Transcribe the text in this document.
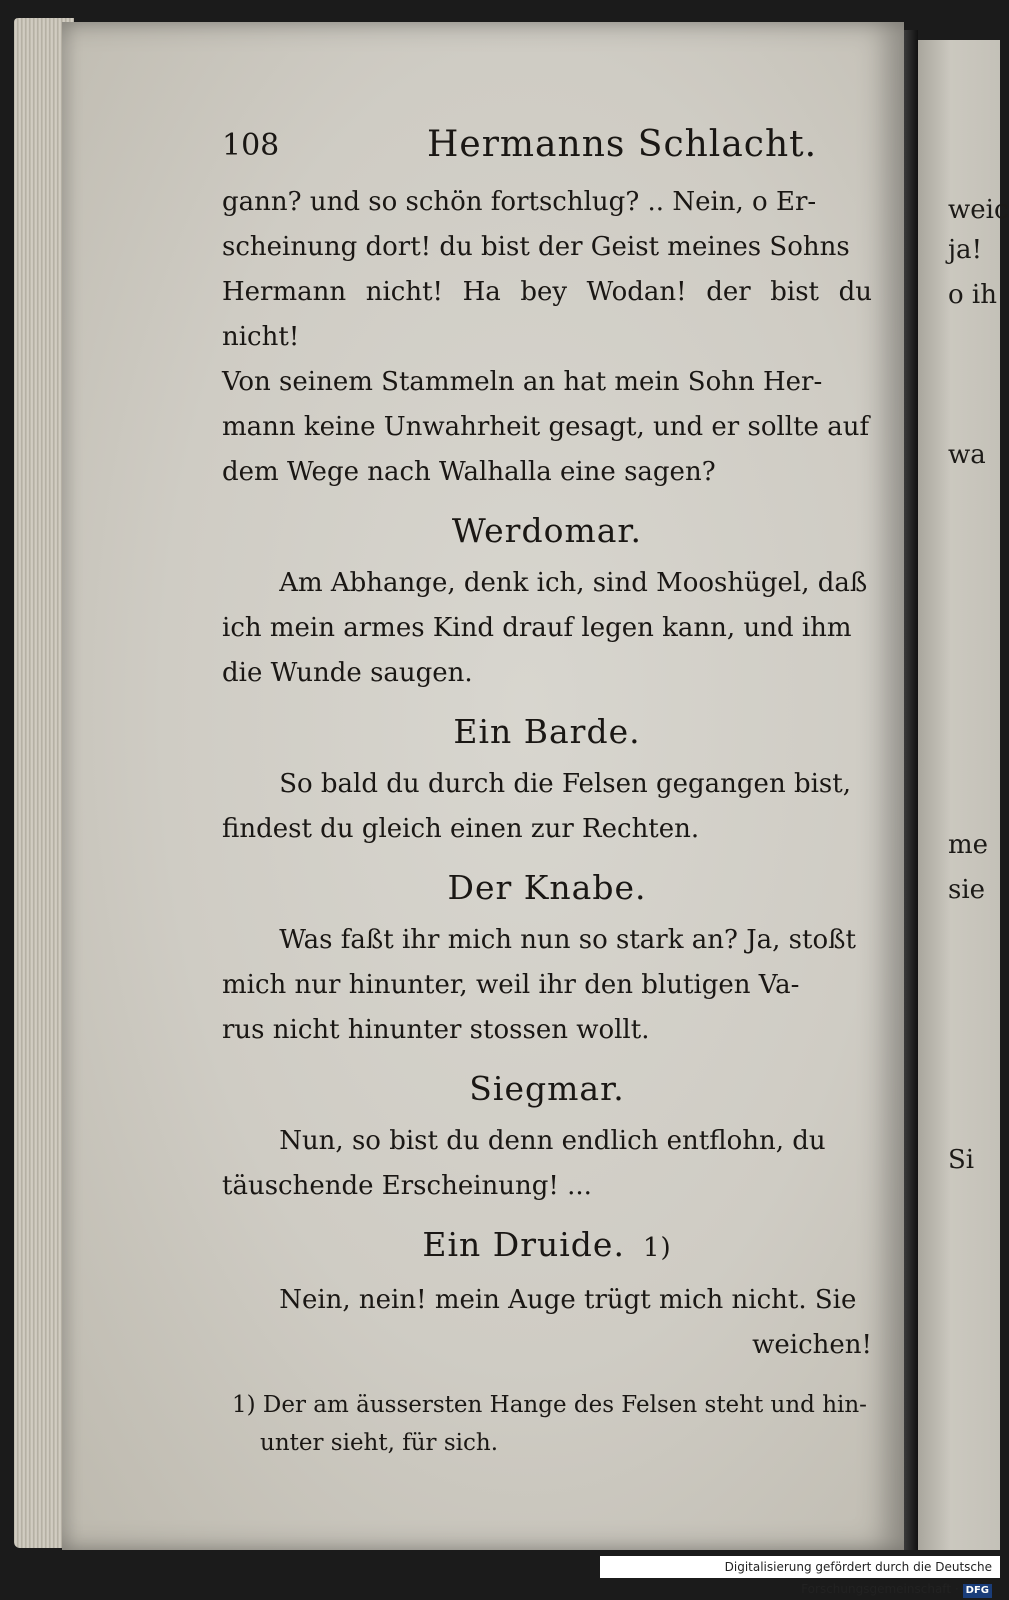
weic
ja!
o ih
wa
me
sie
Si
108	Hermanns Schlacht.
gann? und so schön fortschlug? .. Nein, o Er-
scheinung dort! du bist der Geist meines Sohns
Hermann nicht! Ha bey Wodan! der bist du nicht!
Von seinem Stammeln an hat mein Sohn Her-
mann keine Unwahrheit gesagt, und er sollte auf
dem Wege nach Walhalla eine sagen?
Werdomar.
Am Abhange, denk ich, sind Mooshügel, daß
ich mein armes Kind drauf legen kann, und ihm
die Wunde saugen.
Ein Barde.
So bald du durch die Felsen gegangen bist,
findest du gleich einen zur Rechten.
Der Knabe.
Was faßt ihr mich nun so stark an? Ja, stoßt
mich nur hinunter, weil ihr den blutigen Va-
rus nicht hinunter stossen wollt.
Siegmar.
Nun, so bist du denn endlich entflohn, du
täuschende Erscheinung! ...
Ein Druide. 1)
Nein, nein! mein Auge trügt mich nicht. Sie
weichen!
1) Der am äussersten Hange des Felsen steht und hin-
unter sieht, für sich.
Digitalisierung gefördert durch die Deutsche Forschungsgemeinschaft · DFG
